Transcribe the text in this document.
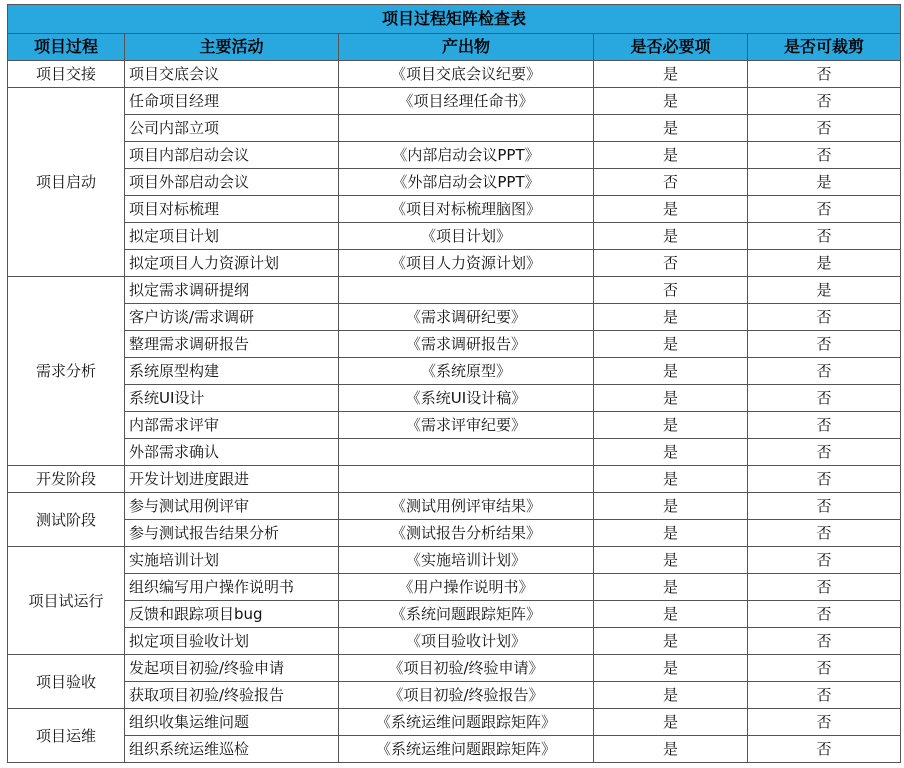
项目过程矩阵检查表				
项目过程	主要活动	产出物	是否必要项	是否可裁剪
项目交接	项目交底会议	《项目交底会议纪要》	是	否
项目启动	任命项目经理	《项目经理任命书》	是	否
	公司内部立项		是	否
	项目内部启动会议	《内部启动会议PPT》	是	否
	项目外部启动会议	《外部启动会议PPT》	否	是
	项目对标梳理	《项目对标梳理脑图》	是	否
	拟定项目计划	《项目计划》	是	否
	拟定项目人力资源计划	《项目人力资源计划》	否	是
需求分析	拟定需求调研提纲		否	是
	客户访谈/需求调研	《需求调研纪要》	是	否
	整理需求调研报告	《需求调研报告》	是	否
	系统原型构建	《系统原型》	是	否
	系统UI设计	《系统UI设计稿》	是	否
	内部需求评审	《需求评审纪要》	是	否
	外部需求确认		是	否
开发阶段	开发计划进度跟进		是	否
测试阶段	参与测试用例评审	《测试用例评审结果》	是	否
	参与测试报告结果分析	《测试报告分析结果》	是	否
项目试运行	实施培训计划	《实施培训计划》	是	否
	组织编写用户操作说明书	《用户操作说明书》	是	否
	反馈和跟踪项目bug	《系统问题跟踪矩阵》	是	否
	拟定项目验收计划	《项目验收计划》	是	否
项目验收	发起项目初验/终验申请	《项目初验/终验申请》	是	否
	获取项目初验/终验报告	《项目初验/终验报告》	是	否
项目运维	组织收集运维问题	《系统运维问题跟踪矩阵》	是	否
	组织系统运维巡检	《系统运维问题跟踪矩阵》	是	否
